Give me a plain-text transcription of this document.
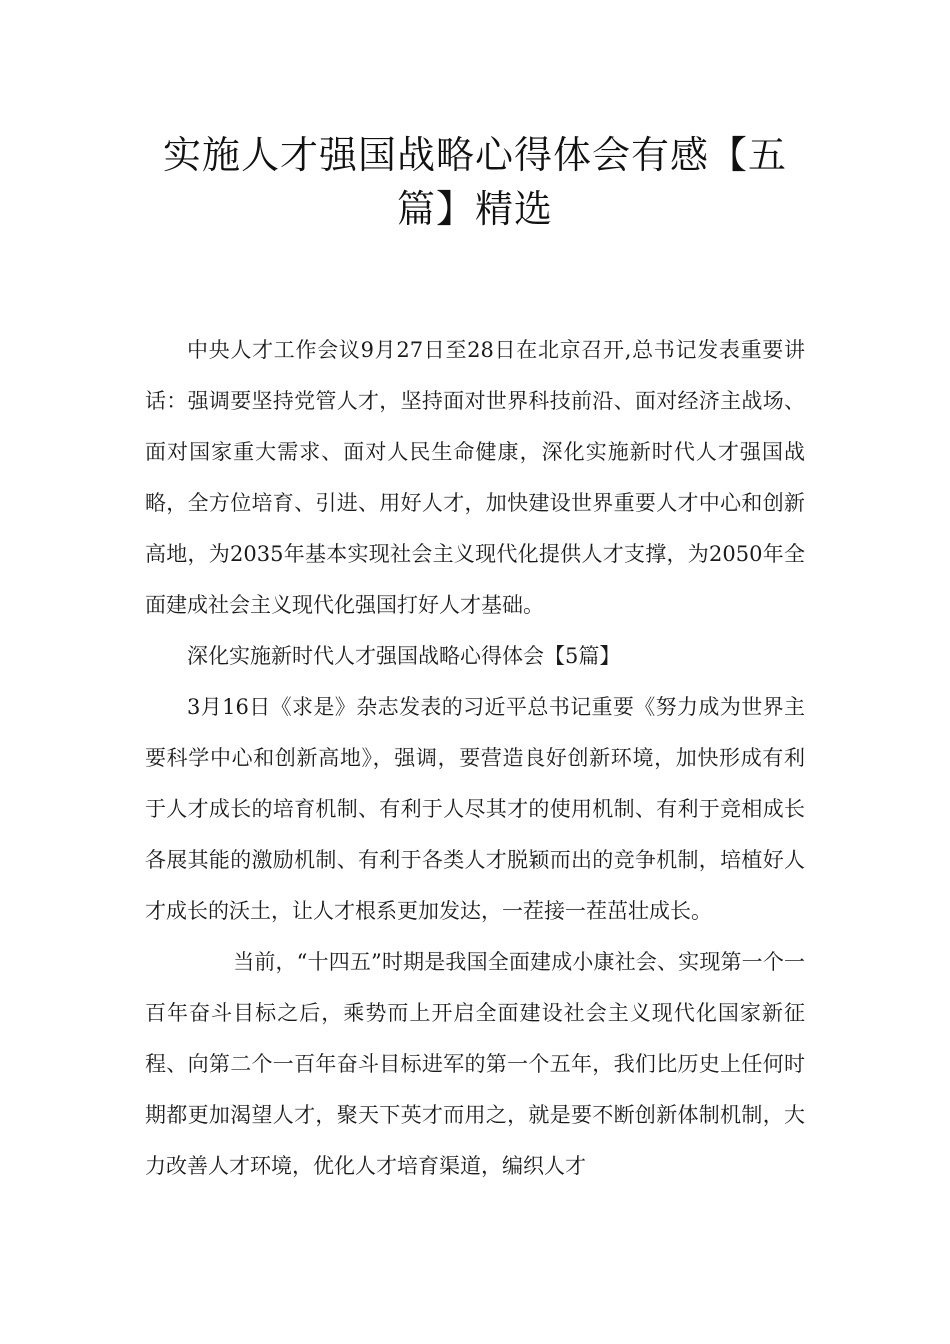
实施人才强国战略心得体会有感【五篇】精选

中央人才工作会议9月27日至28日在北京召开,总书记发表重要讲话：强调要坚持党管人才，坚持面对世界科技前沿、面对经济主战场、面对国家重大需求、面对人民生命健康，深化实施新时代人才强国战略，全方位培育、引进、用好人才，加快建设世界重要人才中心和创新高地，为2035年基本实现社会主义现代化提供人才支撑，为2050年全面建成社会主义现代化强国打好人才基础。

深化实施新时代人才强国战略心得体会【5篇】

3月16日《求是》杂志发表的习近平总书记重要《努力成为世界主要科学中心和创新高地》，强调，要营造良好创新环境，加快形成有利于人才成长的培育机制、有利于人尽其才的使用机制、有利于竞相成长各展其能的激励机制、有利于各类人才脱颖而出的竞争机制，培植好人才成长的沃土，让人才根系更加发达，一茬接一茬茁壮成长。

当前，“十四五”时期是我国全面建成小康社会、实现第一个一百年奋斗目标之后，乘势而上开启全面建设社会主义现代化国家新征程、向第二个一百年奋斗目标进军的第一个五年，我们比历史上任何时期都更加渴望人才，聚天下英才而用之，就是要不断创新体制机制，大力改善人才环境，优化人才培育渠道，编织人才
